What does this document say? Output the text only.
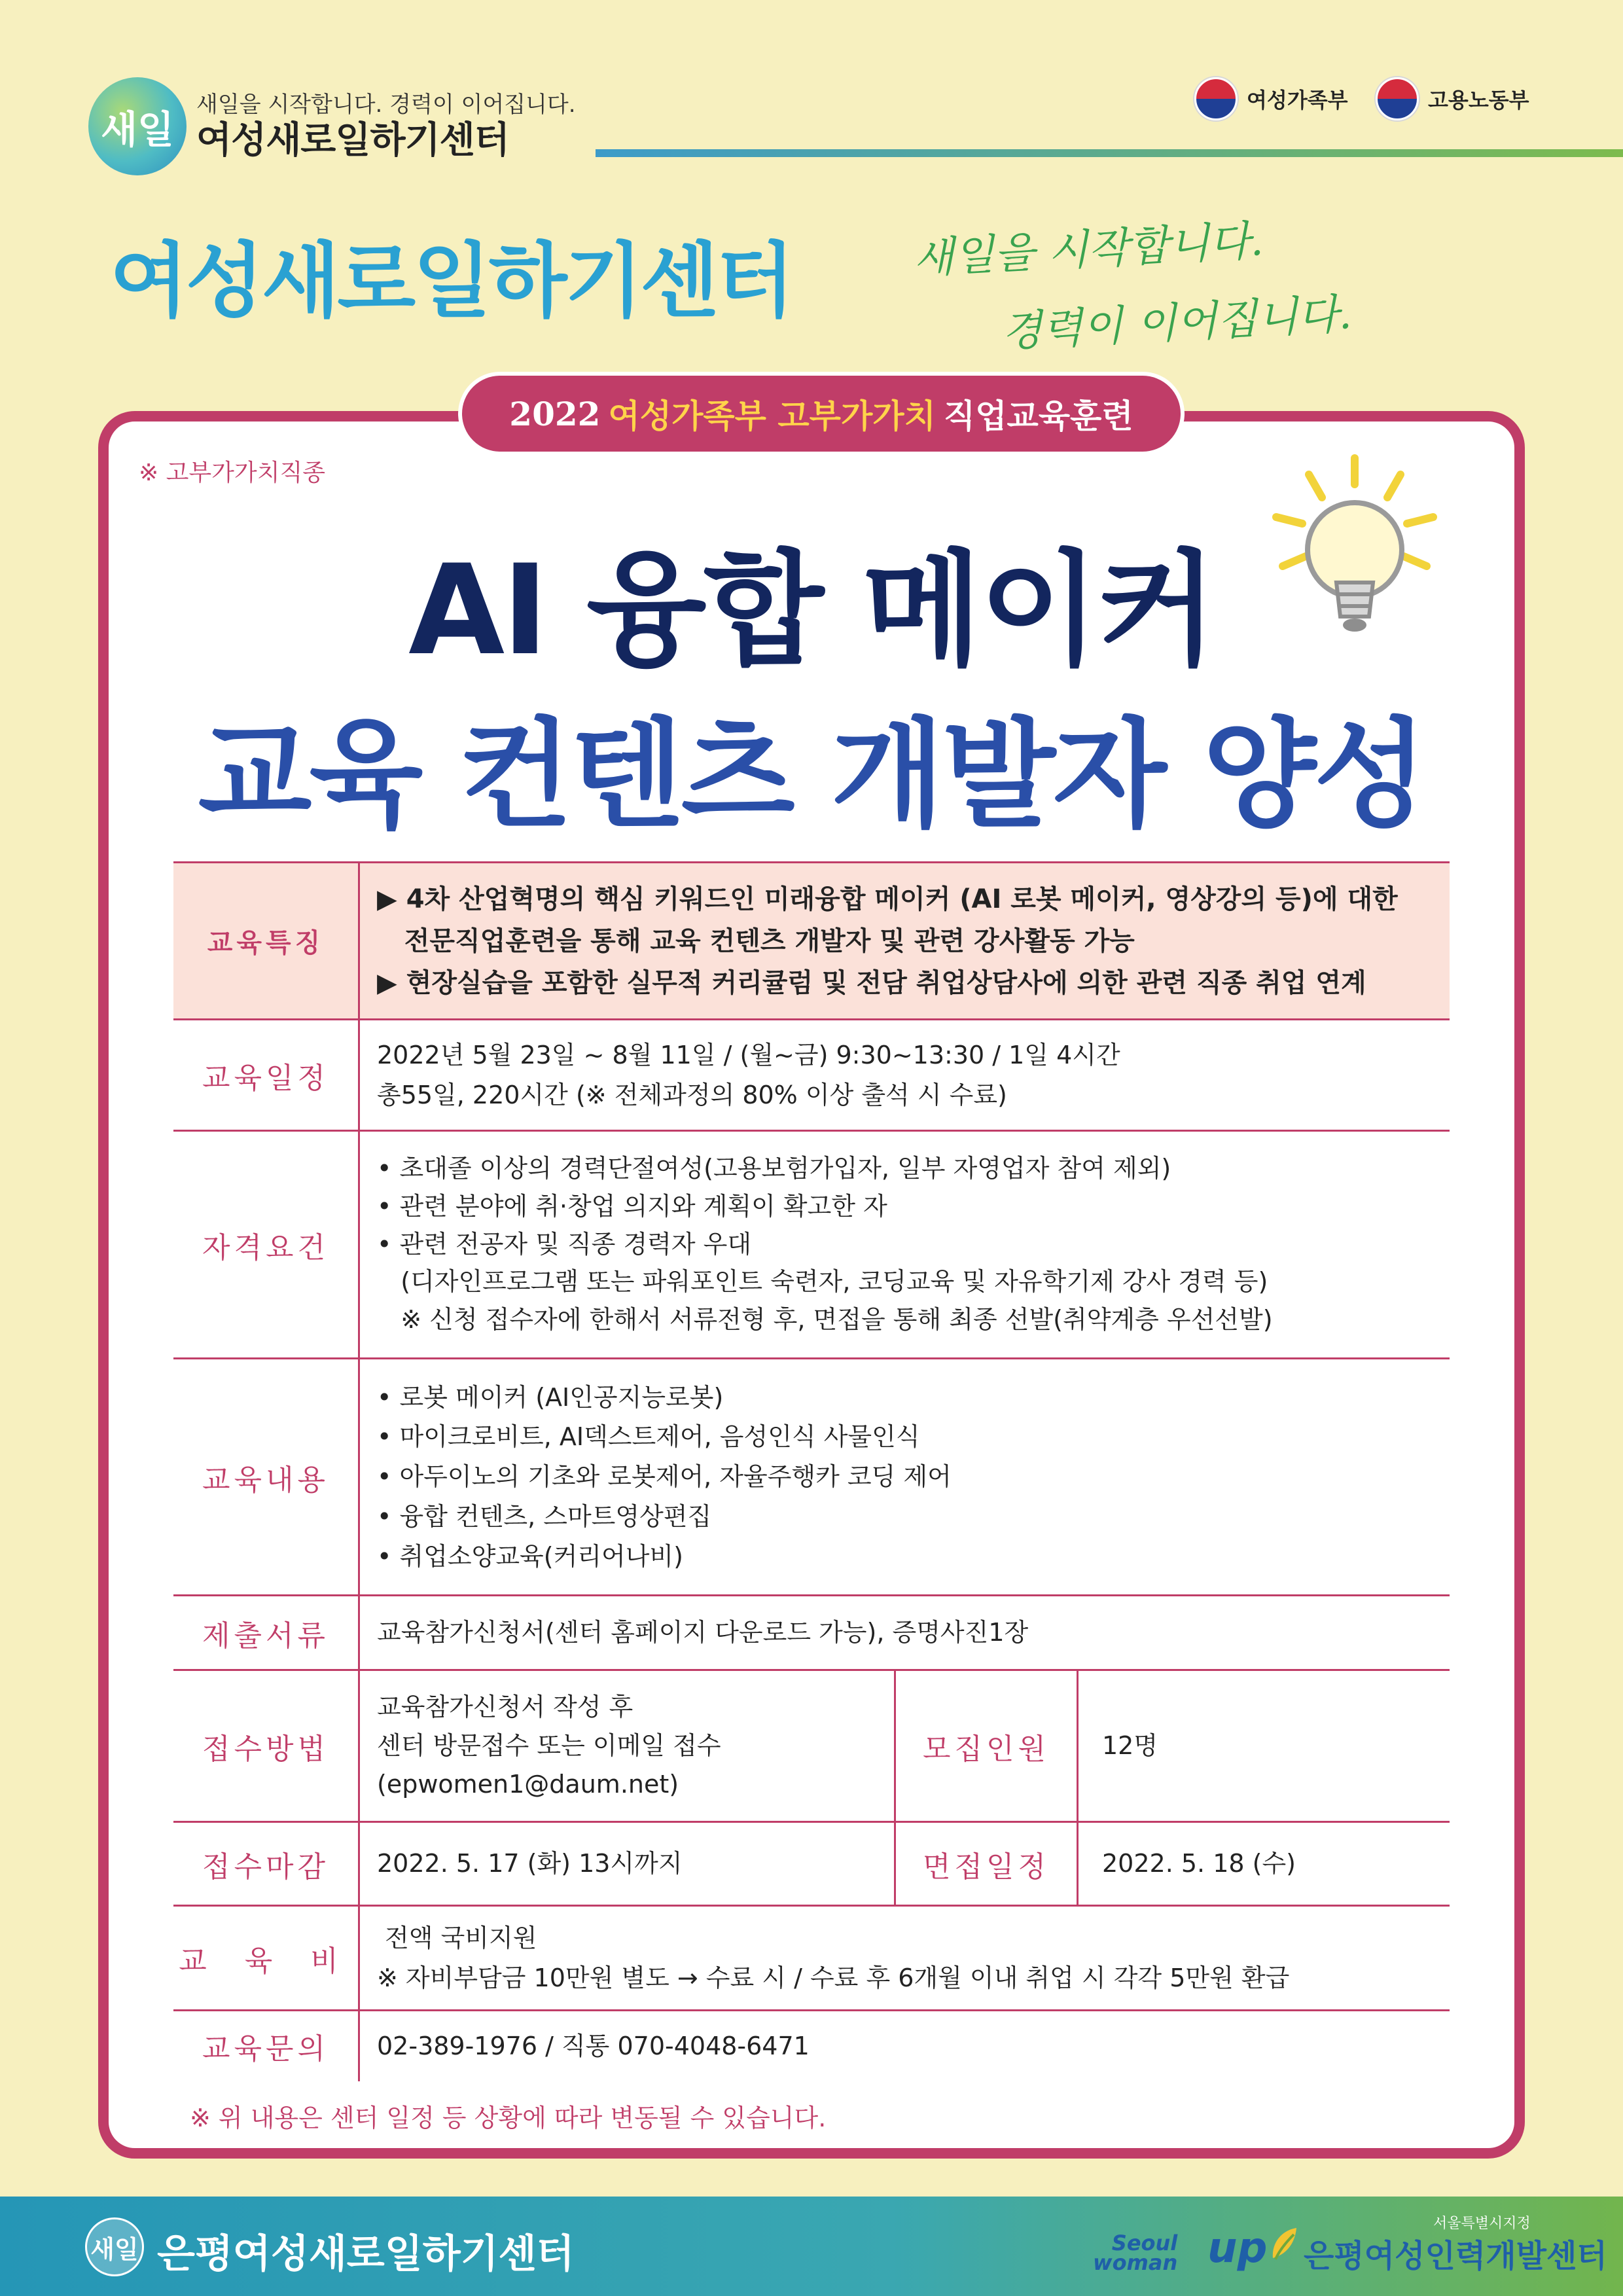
새일
새일을 시작합니다. 경력이 이어집니다.
여성새로일하기센터
여성가족부	고용노동부
여성새로일하기센터	새일을 시작합니다.
경력이 이어집니다.
2022 여성가족부 고부가가치 직업교육훈련
※ 고부가가치직종
AI 융합 메이커
교육 컨텐츠 개발자 양성
교육특징	▶ 4차 산업혁명의 핵심 키워드인 미래융합 메이커 (AI 로봇 메이커, 영상강의 등)에 대한
전문직업훈련을 통해 교육 컨텐츠 개발자 및 관련 강사활동 가능
▶ 현장실습을 포함한 실무적 커리큘럼 및 전담 취업상담사에 의한 관련 직종 취업 연계		

교육일정	2022년 5월 23일 ~ 8월 11일 / (월~금) 9:30~13:30 / 1일 4시간
총55일, 220시간 (※ 전체과정의 80% 이상 출석 시 수료)		

자격요건	• 초대졸 이상의 경력단절여성(고용보험가입자, 일부 자영업자 참여 제외)
• 관련 분야에 취·창업 의지와 계획이 확고한 자
• 관련 전공자 및 직종 경력자 우대
(디자인프로그램 또는 파워포인트 숙련자, 코딩교육 및 자유학기제 강사 경력 등)
※ 신청 접수자에 한해서 서류전형 후, 면접을 통해 최종 선발(취약계층 우선선발)		

교육내용	• 로봇 메이커 (AI인공지능로봇)
• 마이크로비트, AI덱스트제어, 음성인식 사물인식
• 아두이노의 기초와 로봇제어, 자율주행카 코딩 제어
• 융합 컨텐츠, 스마트영상편집
• 취업소양교육(커리어나비)		

제출서류	교육참가신청서(센터 홈페이지 다운로드 가능), 증명사진1장		
접수방법	교육참가신청서 작성 후
센터 방문접수 또는 이메일 접수
(epwomen1@daum.net)	모집인원	12명
접수마감	2022. 5. 17 (화) 13시까지	면접일정	2022. 5. 18 (수)
교 육 비	전액 국비지원
※ 자비부담금 10만원 별도 → 수료 시 / 수료 후 6개월 이내 취업 시 각각 5만원 환급		

교육문의	02-389-1976 / 직통 070-4048-6471		
※ 위 내용은 센터 일정 등 상황에 따라 변동될 수 있습니다.
새일 은평여성새로일하기센터
서울특별시지정
Seoul
woman up 은평여성인력개발센터
